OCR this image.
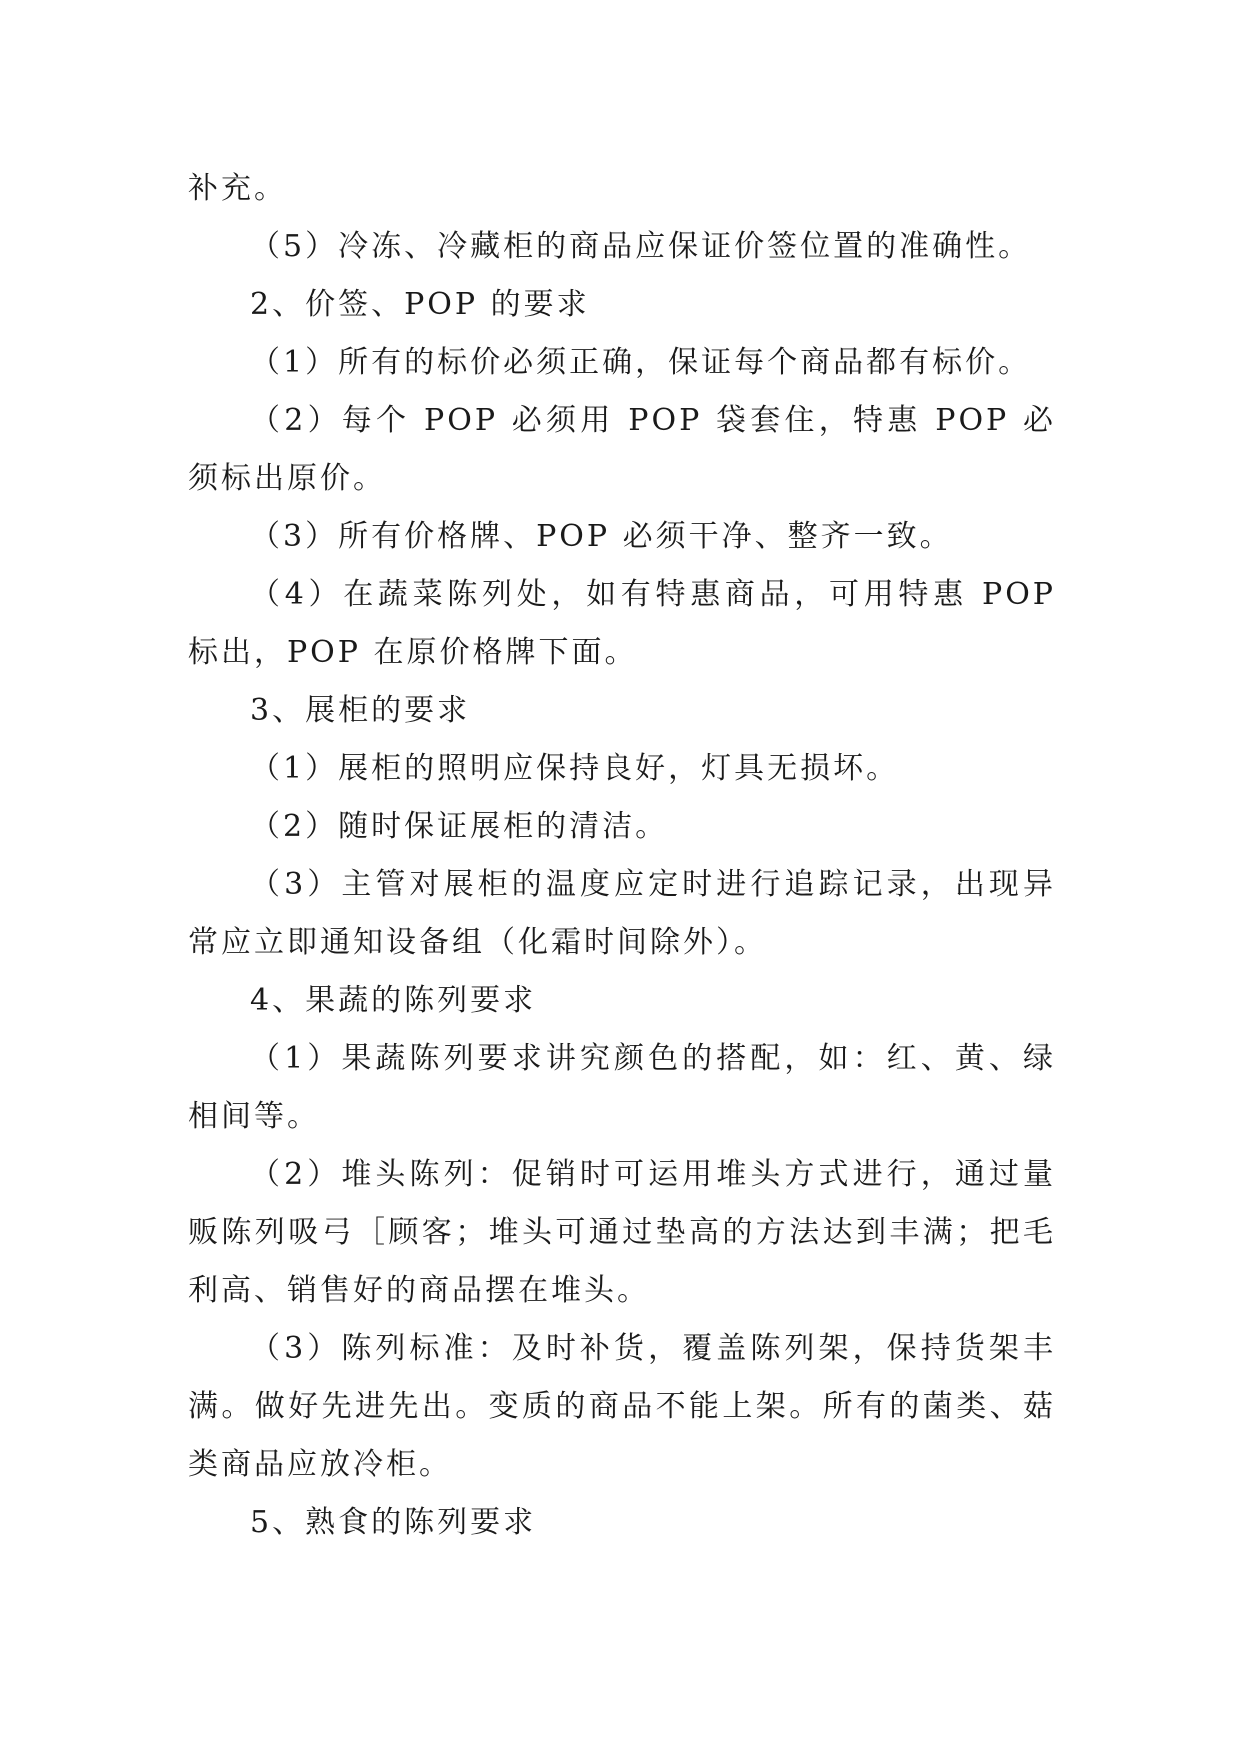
补充。

（5）冷冻、冷藏柜的商品应保证价签位置的准确性。

2、价签、POP 的要求

（1）所有的标价必须正确，保证每个商品都有标价。

（2）每个 POP 必须用 POP 袋套住，特惠 POP 必须标出原价。

（3）所有价格牌、POP 必须干净、整齐一致。

（4）在蔬菜陈列处，如有特惠商品，可用特惠 POP 标出，POP 在原价格牌下面。

3、展柜的要求

（1）展柜的照明应保持良好，灯具无损坏。

（2）随时保证展柜的清洁。

（3）主管对展柜的温度应定时进行追踪记录，出现异常应立即通知设备组（化霜时间除外）。

4、果蔬的陈列要求

（1）果蔬陈列要求讲究颜色的搭配，如：红、黄、绿相间等。

（2）堆头陈列：促销时可运用堆头方式进行，通过量贩陈列吸弓［顾客；堆头可通过垫高的方法达到丰满；把毛利高、销售好的商品摆在堆头。

（3）陈列标准：及时补货，覆盖陈列架，保持货架丰满。做好先进先出。变质的商品不能上架。所有的菌类、菇类商品应放冷柜。

5、熟食的陈列要求
